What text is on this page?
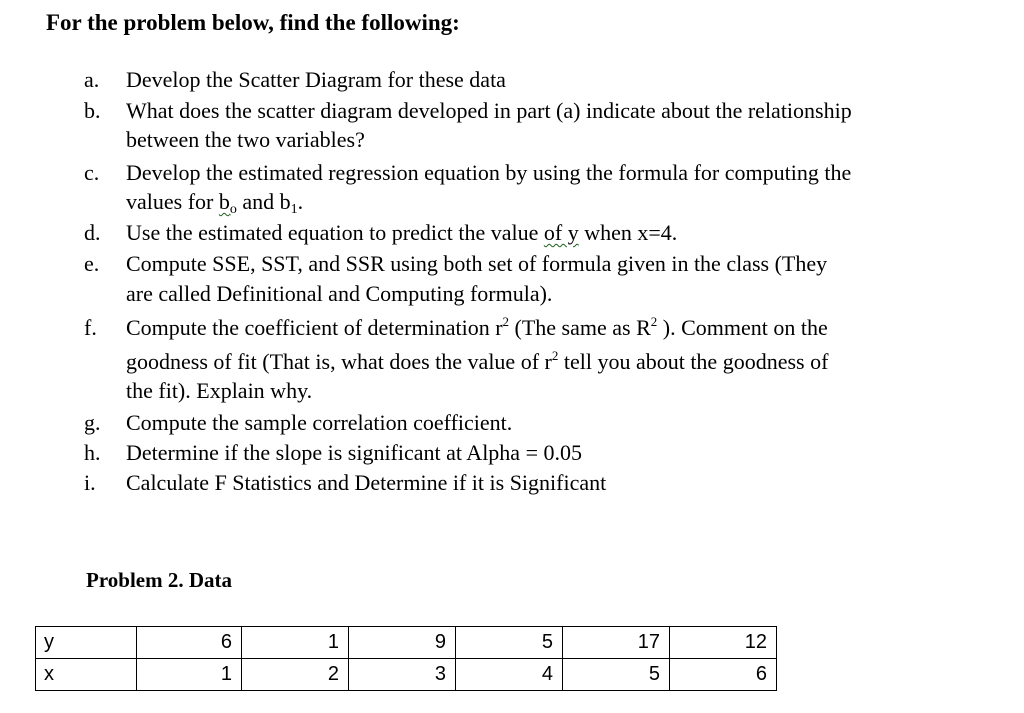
For the problem below, find the following:
a. Develop the Scatter Diagram for these data
b. What does the scatter diagram developed in part (a) indicate about the relationship
between the two variables?
c. Develop the estimated regression equation by using the formula for computing the
values for bo and b1.
d. Use the estimated equation to predict the value of y when x=4.
e. Compute SSE, SST, and SSR using both set of formula given in the class (They
are called Definitional and Computing formula).
f. Compute the coefficient of determination $r^2$ (The same as $R^2$ ). Comment on the
goodness of fit (That is, what does the value of $r^2$ tell you about the goodness of
the fit). Explain why.
g. Compute the sample correlation coefficient.
h. Determine if the slope is significant at Alpha = 0.05
i. Calculate F Statistics and Determine if it is Significant
Problem 2. Data
y	6	1	9	5	17	12
x	1	2	3	4	5	6
